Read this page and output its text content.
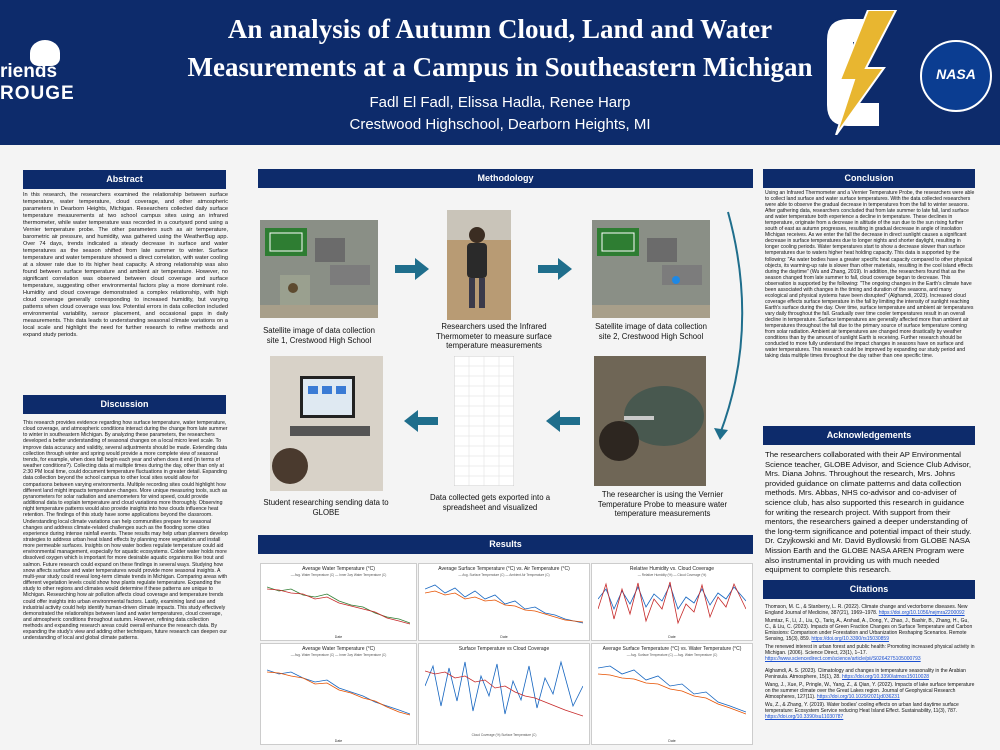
riends
ROUGE
An analysis of Autumn Cloud, Land and Water
Measurements at a Campus in Southeastern Michigan
Fadl El Fadl, Elissa Hadla, Renee Harp
Crestwood Highschool, Dearborn Heights, MI
NASA
Abstract	Methodology	Conclusion
Discussion
Results
Acknowledgements
Citations
In this research, the researchers examined the relationship between surface temperature, water temperature, cloud coverage, and other atmospheric parameters in Dearborn Heights, Michigan. Researchers collected daily surface temperature measurements at two school campus sites using an infrared thermometer, while water temperature was recorded in a courtyard pond using a Vernier temperature probe. The other parameters such as air temperature, barometric air pressure, and humidity, was gathered using the WeatherBug app. Over 74 days, trends indicated a steady decrease in surface and water temperatures as the season shifted from late summer to winter. Surface temperature and water temperature showed a direct correlation, with water cooling at a slower rate due to its higher heat capacity. A strong relationship was also found between surface temperature and ambient air temperature. However, no significant correlation was observed between cloud coverage and surface temperature, suggesting other environmental factors play a more dominant role. Humidity and cloud coverage demonstrated a complex relationship, with high cloud coverage generally corresponding to increased humidity, but varying patterns when cloud coverage was low. Potential errors in data collection included environmental variability, sensor placement, and occasional gaps in daily measurements. This data leads to understanding seasonal climate variations on a local scale and highlight the need for further research to refine methods and expand study periods.
This research provides evidence regarding how surface temperature, water temperature, cloud coverage, and atmospheric conditions interact during the change from late summer to winter in southeastern Michigan. By analyzing these parameters, the researchers developed a better understanding of seasonal changes on a local micro level scale. To improve data accuracy and validity, several adjustments should be made. Extending data collection through winter and spring would provide a more complete view of seasonal trends, for example, when does fall begin each year and when does it end (in terms of weather conditions?). Collecting data at multiple times during the day, other than only at 2:30 PM local time, could document temperature fluctuations in greater detail. Expanding data collection beyond the school campus to other local sites would allow for comparisons between varying environments. Multiple recording sites could highlight how different land might impacts temperature changes. More unique measuring tools, such as pyranometers for solar radiation and anemometers for wind speed, could provide additional data to explain temperature and cloud variations more thoroughly. Observing night temperature patterns would also provide insights into how clouds influence heat retention. The findings of this study have some applications beyond the classroom. Understanding local climate variations can help communities prepare for seasonal changes and address climate-related challenges such as the flooding some cities experience during intense rainfall events. These results may help urban planners develop strategies to address urban heat island effects by planning more vegetation and install more permeable surfaces. Insights on how water bodies regulate temperature could aid environmental management, especially for aquatic ecosystems. Colder water holds more dissolved oxygen which is important for more desirable aquatic organisms like trout and salmon. Future research could expand on these findings in several ways. Studying how snow affects surface and water temperatures would provide more seasonal insights. A multi-year study could reveal long-term climate trends in Michigan. Comparing areas with different vegetation levels could show how plants regulate temperature. Expanding the study to other regions and climates would determine if these patterns are unique to Michigan. Researching how air pollution affects cloud coverage and temperature trends could offer insights into urban environmental factors. Lastly, examining land use and industrial activity could help identify human-driven climate impacts. This study effectively demonstrated the relationships between land and water temperatures, cloud coverage, and atmospheric conditions throughout autumn. However, refining data collection methods and expanding research areas could overall enhance the research data. By expanding the study's view and adding other techniques, future research can deepen our understanding of local and global climate patterns.
Satellite image of data collection site 1, Crestwood High School
Researchers used the Infrared Thermometer to measure surface temperature measurements
Satellite image of data collection site 2, Crestwood High School
Student researching sending data to GLOBE
Data collected gets exported into a spreadsheet and visualized
The researcher is using the Vernier Temperature Probe to measure water temperature measurements
Average Water Temperature (°C)
— Avg. Water Temperature (C) — Inner 2wy Water Temperature (C)
Date
Average Surface Temperature (°C) vs. Air Temperature (°C)
— Avg. Surface Temperature (C) — Ambient Air Temperature (C)
Date
Relative Humidity vs. Cloud Coverage
— Relative Humidity (%) — Cloud Coverage (%)
Date
Average Water Temperature (°C)
— Avg. Water Temperature (C) — Inner 2wy Water Temperature (C)
Date
Surface Temperature vs Cloud Coverage
Cloud Coverage (%) Surface Temperature (C)
Average Surface Temperature (°C) vs. Water Temperature (°C)
— Avg. Surface Temperature (C) — Avg. Water Temperature (C)
Date
Using an Infrared Thermometer and a Vernier Temperature Probe, the researchers were able to collect land surface and water surface temperatures. With the data collected researchers were able to observe the gradual decrease in temperatures from the fall to winter seasons. After gathering data, researchers concluded that from late summer to late fall, land surface and water temperature both experience a decline in temperature. These declines in temperature, originate from a decrease in altitude of the sun due to the sun rising further south of east as autumn progresses, resulting in gradual decrease in angle of insolation Michigan receives. As we enter the fall the decrease in direct sunlight causes a significant decrease in surface temperatures due to longer nights and shorter daylight, resulting in longer cooling periods. Water temperatures start to show a decrease slower than surface temperatures due to waters higher heat holding capacity. This data is supported by the following: "As water bodies have a greater specific heat capacity compared to other physical objects, its warming-up rate is slower than other materials, resulting in the cool island effects during the daytime" (Wu and Zhang, 2019). In addition, the researchers found that as the season changed from late summer to fall, cloud coverage began to decrease. This observation is supported by the following: "The ongoing changes in the Earth's climate have been associated with changes in the timing and duration of the seasons, and many ecological and physical systems have been disrupted" (Alghamdi, 2023). Increased cloud coverage effects surface temperature in the fall by limiting the intensity of sunlight reaching Earth's surface during the day. Over time, surface temperature and ambient air temperatures vary daily throughout the fall. Gradually over time cooler temperatures result in an overall decline in temperature. Surface temperatures are generally affected more than ambient air temperatures throughout the fall due to the primary source of surface temperature coming from solar radiation. Ambient air temperatures are changed more drastically by weather conditions than by the amount of sunlight Earth is receiving. Further research should be conducted to more fully understand the impact changes in seasons have on surface and water temperatures. This research could be improved by expanding our study period and taking data multiple times throughout the day rather than one specific time.
The researchers collaborated with their AP Environmental Science teacher, GLOBE Advisor, and Science Club Advisor, Mrs. Diana Johns. Throughout the research, Mrs. Johns provided guidance on climate patterns and data collection methods. Mrs. Abbas, NHS co-advisor and co-adviser of science club, has also supported this research in guidance for writing the research project. With support from their mentors, the researchers gained a deeper understanding of the long-term significance and potential impact of their study. Dr. Czyjkowski and Mr. David Bydlowski from GLOBE NASA Mission Earth and the GLOBE NASA AREN Program were also instrumental in providing us with much needed equipment to complete this research.
Thomson, M. C., & Stanberry, L. R. (2022). Climate change and vectorborne diseases. New England Journal of Medicine, 387(21), 1969–1978. https://doi.org/10.1056/nejmra2200092
Mumtaz, F., Li, J., Liu, Q., Tariq, A., Arshad, A., Dong, Y., Zhao, J., Bashir, B., Zhang, H., Gu, C., & Liu, C. (2023). Impacts of Green Fraction Changes on Surface Temperature and Carbon Emissions: Comparison under Forestation and Urbanization Reshaping Scenarios. Remote Sensing, 15(3), 859. https://doi.org/10.3390/rs15030859
The renewed interest in urban forest and public health: Promoting increased physical activity in Michigan. (2006). Science Direct, 23(1), 1–17. https://www.sciencedirect.com/science/article/pii/S0264275105000793
Alghamdi, A. S. (2023). Climatology and changes in temperature seasonality in the Arabian Peninsula. Atmosphere, 15(1), 28. https://doi.org/10.3390/atmos15010028
Wang, J., Xue, P., Pringle, W., Yang, Z., & Qian, Y. (2022). Impacts of lake surface temperature on the summer climate over the Great Lakes region. Journal of Geophysical Research Atmospheres, 127(11). https://doi.org/10.1029/2021jd036231
Wu, Z., & Zhang, Y. (2019). Water bodies' cooling effects on urban land daytime surface temperature: Ecosystem Service reducing Heat Island Effect. Sustainability, 11(3), 787. https://doi.org/10.3390/su11030787
